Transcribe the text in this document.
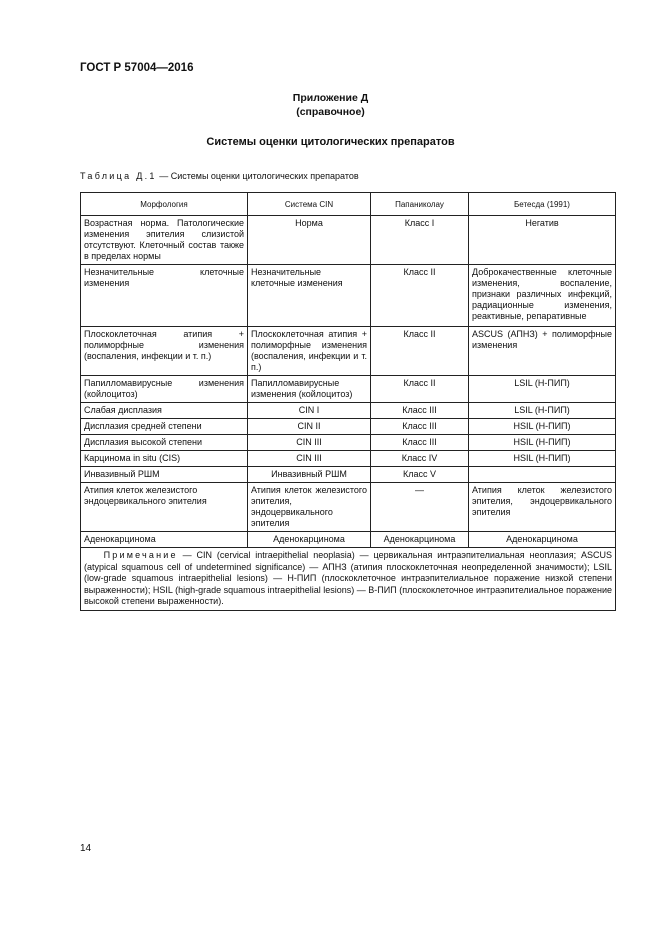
ГОСТ Р 57004—2016
Приложение Д
(справочное)
Системы оценки цитологических препаратов
Таблица Д.1 — Системы оценки цитологических препаратов
Морфология	Система CIN	Папаниколау	Бетесда (1991)
Возрастная норма. Патологические изменения эпителия слизистой отсутствуют. Клеточный состав также в пределах нормы	Норма	Класс I	Негатив
Незначительные клеточные изменения	Незначительные клеточные изменения	Класс II	Доброкачественные клеточные изменения, воспаление, признаки различных инфекций, радиационные изменения, реактивные, репаративные
Плоскоклеточная атипия + полиморфные изменения (воспаления, инфекции и т. п.)	Плоскоклеточная атипия + полиморфные изменения (воспаления, инфекции и т. п.)	Класс II	ASCUS (АПНЗ) + полиморфные изменения
Папилломавирусные изменения (койлоцитоз)	Папилломавирусные изменения (койлоцитоз)	Класс II	LSIL (Н-ПИП)
Слабая дисплазия	CIN I	Класс III	LSIL (Н-ПИП)
Дисплазия средней степени	CIN II	Класс III	HSIL (Н-ПИП)
Дисплазия высокой степени	CIN III	Класс III	HSIL (Н-ПИП)
Карцинома in situ (CIS)	CIN III	Класс IV	HSIL (Н-ПИП)
Инвазивный РШМ	Инвазивный РШМ	Класс V	
Атипия клеток железистого эндоцервикального эпителия	Атипия клеток железистого эпителия, эндоцервикального эпителия	—	Атипия клеток железистого эпителия, эндоцервикального эпителия
Аденокарцинома	Аденокарцинома	Аденокарцинома	Аденокарцинома
Примечание — CIN (cervical intraepithelial neoplasia) — цервикальная интраэпителиальная неоплазия; ASCUS (atypical squamous cell of undetermined significance) — АПНЗ (атипия плоскоклеточная неопределенной значимости); LSIL (low-grade squamous intraepithelial lesions) — Н-ПИП (плоскоклеточное интраэпителиальное поражение низкой степени выраженности); HSIL (high-grade squamous intraepithelial lesions) — В-ПИП (плоскоклеточное интраэпителиальное поражение высокой степени выраженности).			
14
